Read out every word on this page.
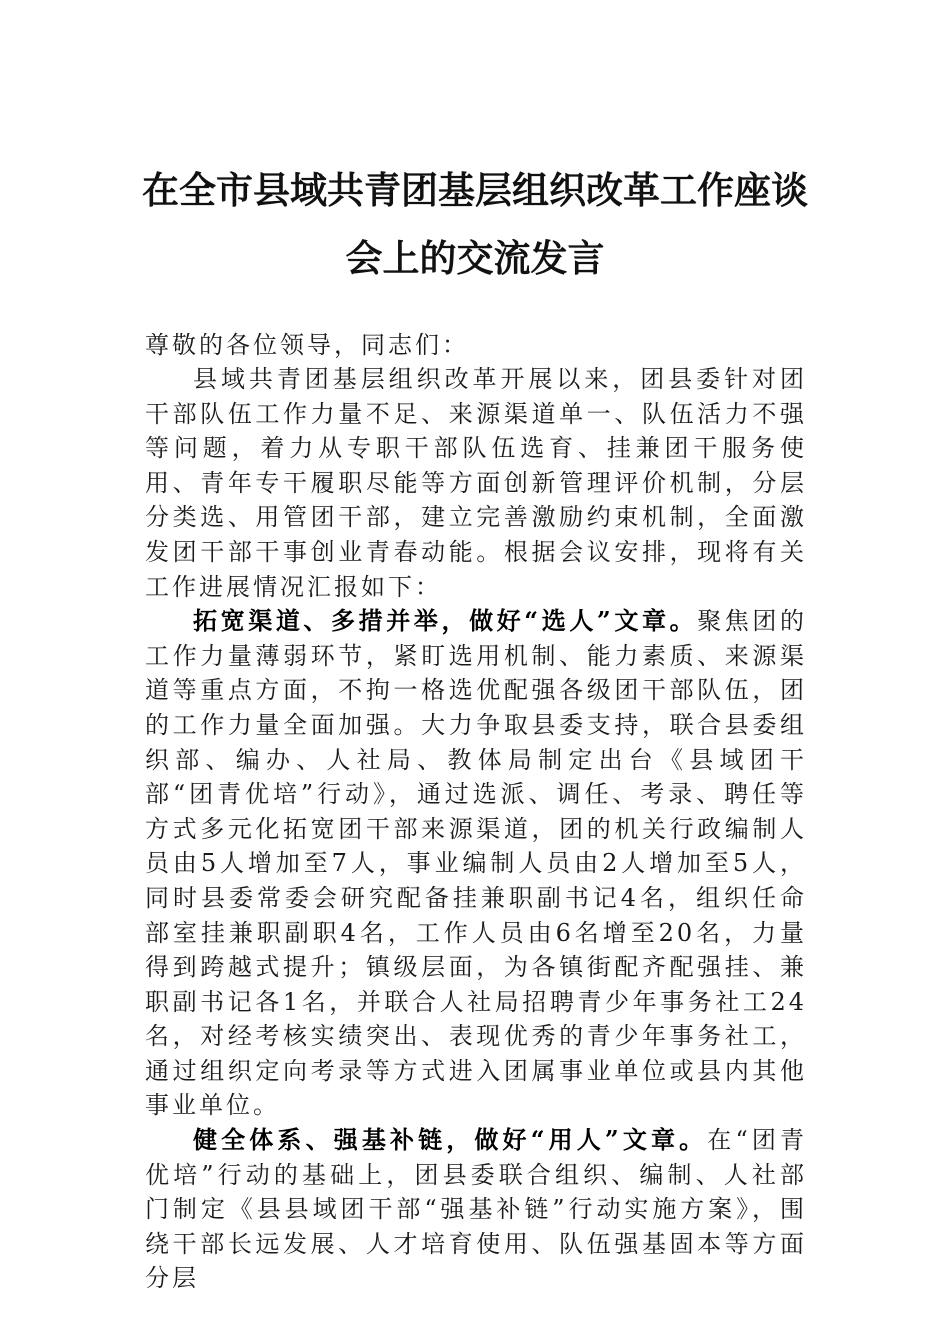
在全市县域共青团基层组织改革工作座谈
会上的交流发言
尊敬的各位领导，同志们：

县域共青团基层组织改革开展以来，团县委针对团干部队伍工作力量不足、来源渠道单一、队伍活力不强等问题，着力从专职干部队伍选育、挂兼团干服务使用、青年专干履职尽能等方面创新管理评价机制，分层分类选、用管团干部，建立完善激励约束机制，全面激发团干部干事创业青春动能。根据会议安排，现将有关工作进展情况汇报如下：

拓宽渠道、多措并举，做好“选人”文章。聚焦团的工作力量薄弱环节，紧盯选用机制、能力素质、来源渠道等重点方面，不拘一格选优配强各级团干部队伍，团的工作力量全面加强。大力争取县委支持，联合县委组织部、编办、人社局、教体局制定出台《县域团干部“团青优培”行动》，通过选派、调任、考录、聘任等方式多元化拓宽团干部来源渠道，团的机关行政编制人员由5人增加至7人，事业编制人员由2人增加至5人，同时县委常委会研究配备挂兼职副书记4名，组织任命部室挂兼职副职4名，工作人员由6名增至20名，力量得到跨越式提升；镇级层面，为各镇街配齐配强挂、兼职副书记各1名，并联合人社局招聘青少年事务社工24名，对经考核实绩突出、表现优秀的青少年事务社工，通过组织定向考录等方式进入团属事业单位或县内其他事业单位。

健全体系、强基补链，做好“用人”文章。在“团青优培”行动的基础上，团县委联合组织、编制、人社部门制定《县县域团干部“强基补链”行动实施方案》，围绕干部长远发展、人才培育使用、队伍强基固本等方面分层
